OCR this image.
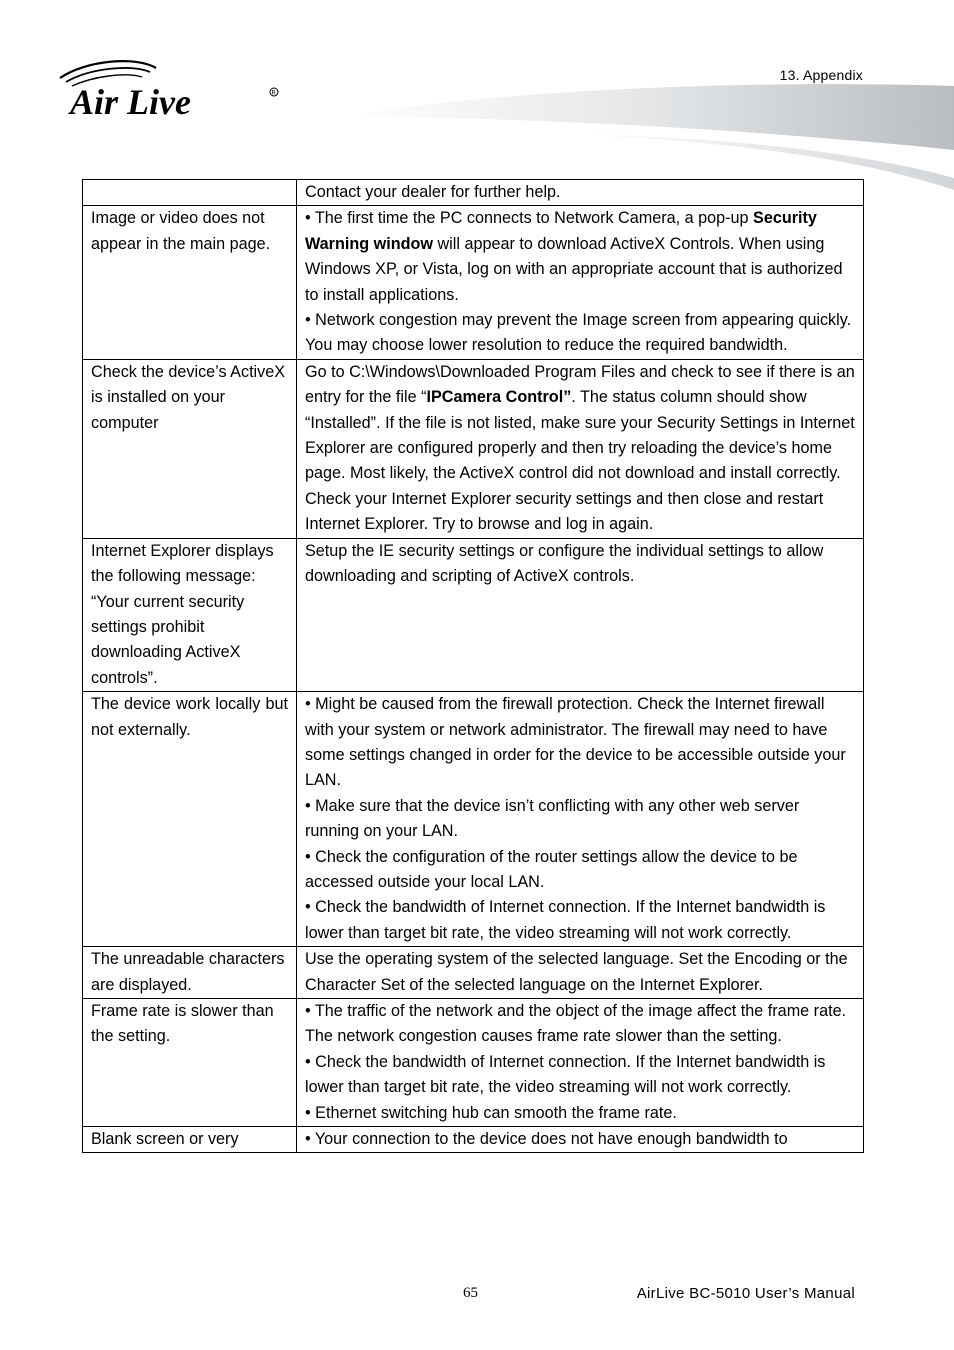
Air Live	R
13. Appendix

	Contact your dealer for further help.

Image or video does not appear in the main page.	• The first time the PC connects to Network Camera, a pop-up Security Warning window will appear to download ActiveX Controls. When using Windows XP, or Vista, log on with an appropriate account that is authorized to install applications.
• Network congestion may prevent the Image screen from appearing quickly. You may choose lower resolution to reduce the required bandwidth.

Check the device’s ActiveX is installed on your computer	Go to C:\Windows\Downloaded Program Files and check to see if there is an entry for the file “IPCamera Control”. The status column should show “Installed”. If the file is not listed, make sure your Security Settings in Internet Explorer are configured properly and then try reloading the device’s home page. Most likely, the ActiveX control did not download and install correctly. Check your Internet Explorer security settings and then close and restart Internet Explorer. Try to browse and log in again.

Internet Explorer displays the following message: “Your current security settings prohibit downloading ActiveX controls”.	Setup the IE security settings or configure the individual settings to allow downloading and scripting of ActiveX controls.

The device work locally but not externally.	• Might be caused from the firewall protection. Check the Internet firewall with your system or network administrator. The firewall may need to have some settings changed in order for the device to be accessible outside your LAN.
• Make sure that the device isn’t conflicting with any other web server running on your LAN.
• Check the configuration of the router settings allow the device to be accessed outside your local LAN.
• Check the bandwidth of Internet connection. If the Internet bandwidth is lower than target bit rate, the video streaming will not work correctly.

The unreadable characters are displayed.	Use the operating system of the selected language. Set the Encoding or the Character Set of the selected language on the Internet Explorer.

Frame rate is slower than the setting.	• The traffic of the network and the object of the image affect the frame rate. The network congestion causes frame rate slower than the setting.
• Check the bandwidth of Internet connection. If the Internet bandwidth is lower than target bit rate, the video streaming will not work correctly.
• Ethernet switching hub can smooth the frame rate.

Blank screen or very	• Your connection to the device does not have enough bandwidth to
65	AirLive BC-5010 User’s Manual
